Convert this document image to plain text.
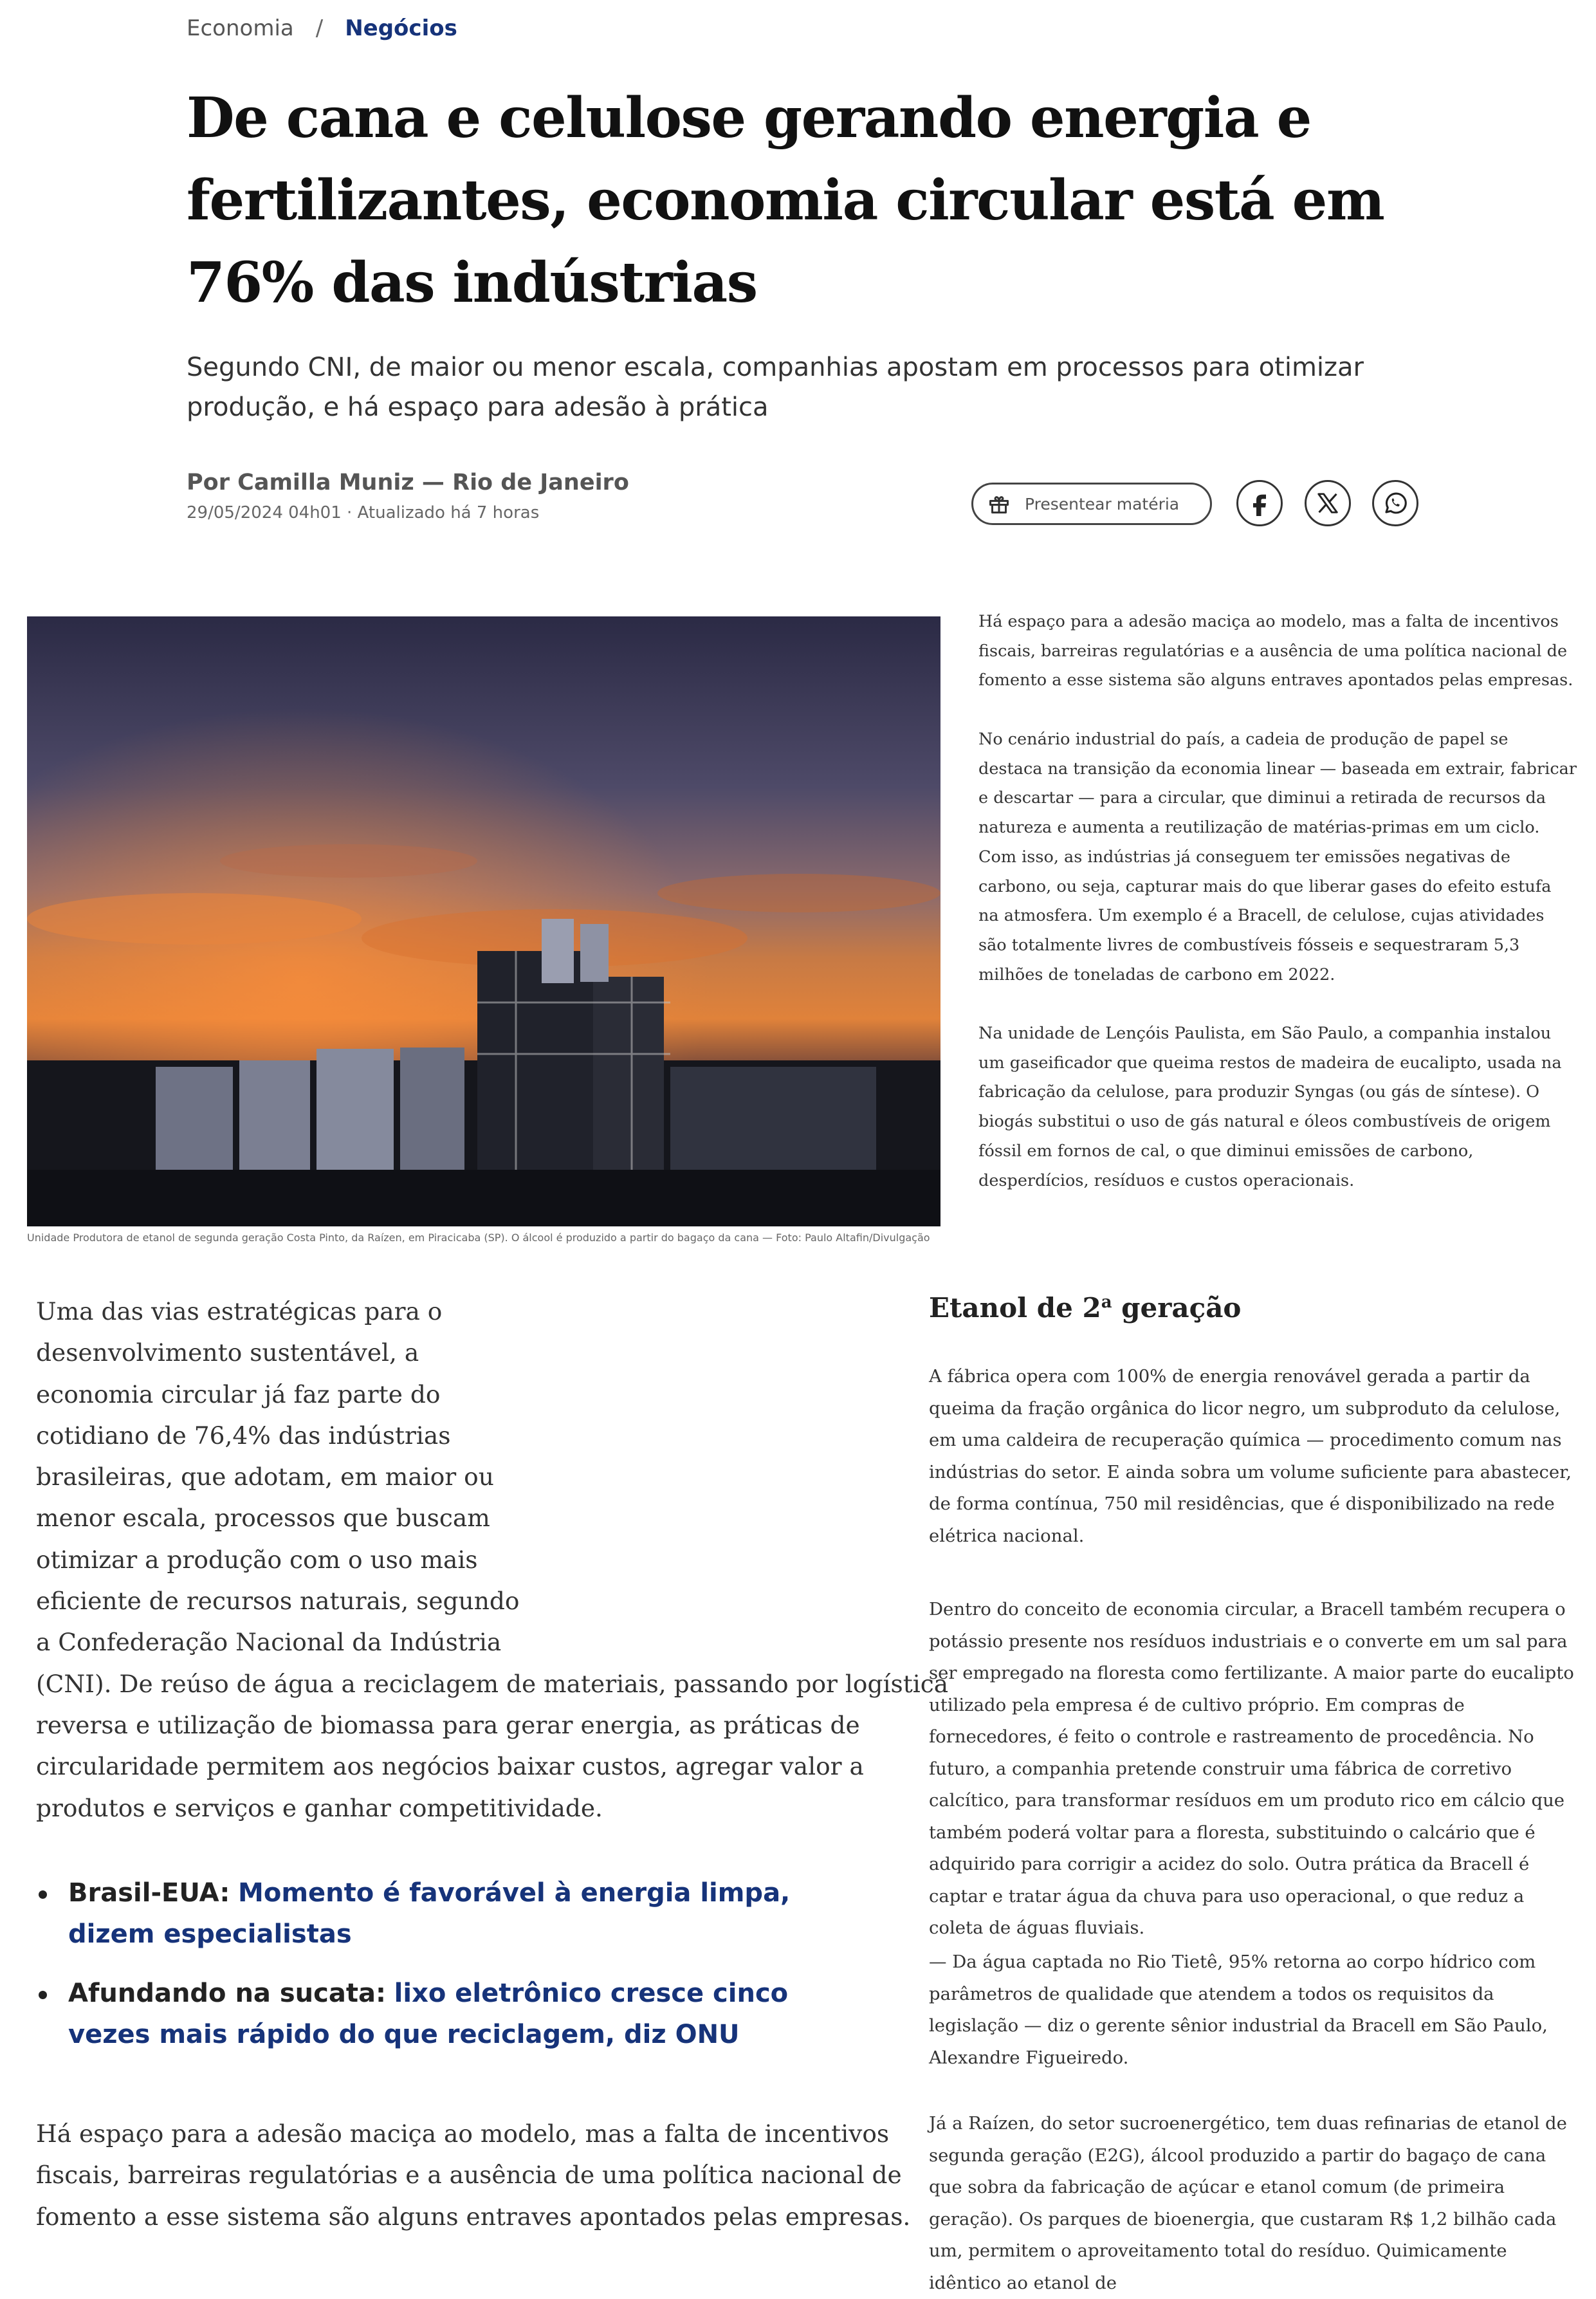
Economia / Negócios
De cana e celulose gerando energia e fertilizantes, economia circular está em 76% das indústrias

Segundo CNI, de maior ou menor escala, companhias apostam em processos para otimizar produção, e há espaço para adesão à prática

Por Camilla Muniz — Rio de Janeiro
29/05/2024 04h01 · Atualizado há 7 horas	Presentear matéria

Unidade Produtora de etanol de segunda geração Costa Pinto, da Raízen, em Piracicaba (SP). O álcool é produzido a partir do bagaço da cana — Foto: Paulo Altafin/Divulgação

Há espaço para a adesão maciça ao modelo, mas a falta de incentivos fiscais, barreiras regulatórias e a ausência de uma política nacional de fomento a esse sistema são alguns entraves apontados pelas empresas.

No cenário industrial do país, a cadeia de produção de papel se destaca na transição da economia linear — baseada em extrair, fabricar e descartar — para a circular, que diminui a retirada de recursos da natureza e aumenta a reutilização de matérias-primas em um ciclo. Com isso, as indústrias já conseguem ter emissões negativas de carbono, ou seja, capturar mais do que liberar gases do efeito estufa na atmosfera. Um exemplo é a Bracell, de celulose, cujas atividades são totalmente livres de combustíveis fósseis e sequestraram 5,3 milhões de toneladas de carbono em 2022.

Na unidade de Lençóis Paulista, em São Paulo, a companhia instalou um gaseificador que queima restos de madeira de eucalipto, usada na fabricação da celulose, para produzir Syngas (ou gás de síntese). O biogás substitui o uso de gás natural e óleos combustíveis de origem fóssil em fornos de cal, o que diminui emissões de carbono, desperdícios, resíduos e custos operacionais.

Etanol de 2$^a$ geração

A fábrica opera com 100% de energia renovável gerada a partir da queima da fração orgânica do licor negro, um subproduto da celulose, em uma caldeira de recuperação química — procedimento comum nas indústrias do setor. E ainda sobra um volume suficiente para abastecer, de forma contínua, 750 mil residências, que é disponibilizado na rede elétrica nacional.

Dentro do conceito de economia circular, a Bracell também recupera o potássio presente nos resíduos industriais e o converte em um sal para ser empregado na floresta como fertilizante. A maior parte do eucalipto utilizado pela empresa é de cultivo próprio. Em compras de fornecedores, é feito o controle e rastreamento de procedência. No futuro, a companhia pretende construir uma fábrica de corretivo calcítico, para transformar resíduos em um produto rico em cálcio que também poderá voltar para a floresta, substituindo o calcário que é adquirido para corrigir a acidez do solo. Outra prática da Bracell é captar e tratar água da chuva para uso operacional, o que reduz a coleta de águas fluviais.

— Da água captada no Rio Tietê, 95% retorna ao corpo hídrico com parâmetros de qualidade que atendem a todos os requisitos da legislação — diz o gerente sênior industrial da Bracell em São Paulo, Alexandre Figueiredo.

Já a Raízen, do setor sucroenergético, tem duas refinarias de etanol de segunda geração (E2G), álcool produzido a partir do bagaço de cana que sobra da fabricação de açúcar e etanol comum (de primeira geração). Os parques de bioenergia, que custaram R$ 1,2 bilhão cada um, permitem o aproveitamento total do resíduo. Quimicamente idêntico ao etanol de

Uma das vias estratégicas para o
desenvolvimento sustentável, a
economia circular já faz parte do
cotidiano de 76,4% das indústrias
brasileiras, que adotam, em maior ou
menor escala, processos que buscam
otimizar a produção com o uso mais
eficiente de recursos naturais, segundo
a Confederação Nacional da Indústria
(CNI). De reúso de água a reciclagem de materiais, passando por logística
reversa e utilização de biomassa para gerar energia, as práticas de
circularidade permitem aos negócios baixar custos, agregar valor a
produtos e serviços e ganhar competitividade.
Brasil-EUA: Momento é favorável à energia limpa, dizem especialistas
Afundando na sucata: lixo eletrônico cresce cinco vezes mais rápido do que reciclagem, diz ONU
Há espaço para a adesão maciça ao modelo, mas a falta de incentivos
fiscais, barreiras regulatórias e a ausência de uma política nacional de
fomento a esse sistema são alguns entraves apontados pelas empresas.
